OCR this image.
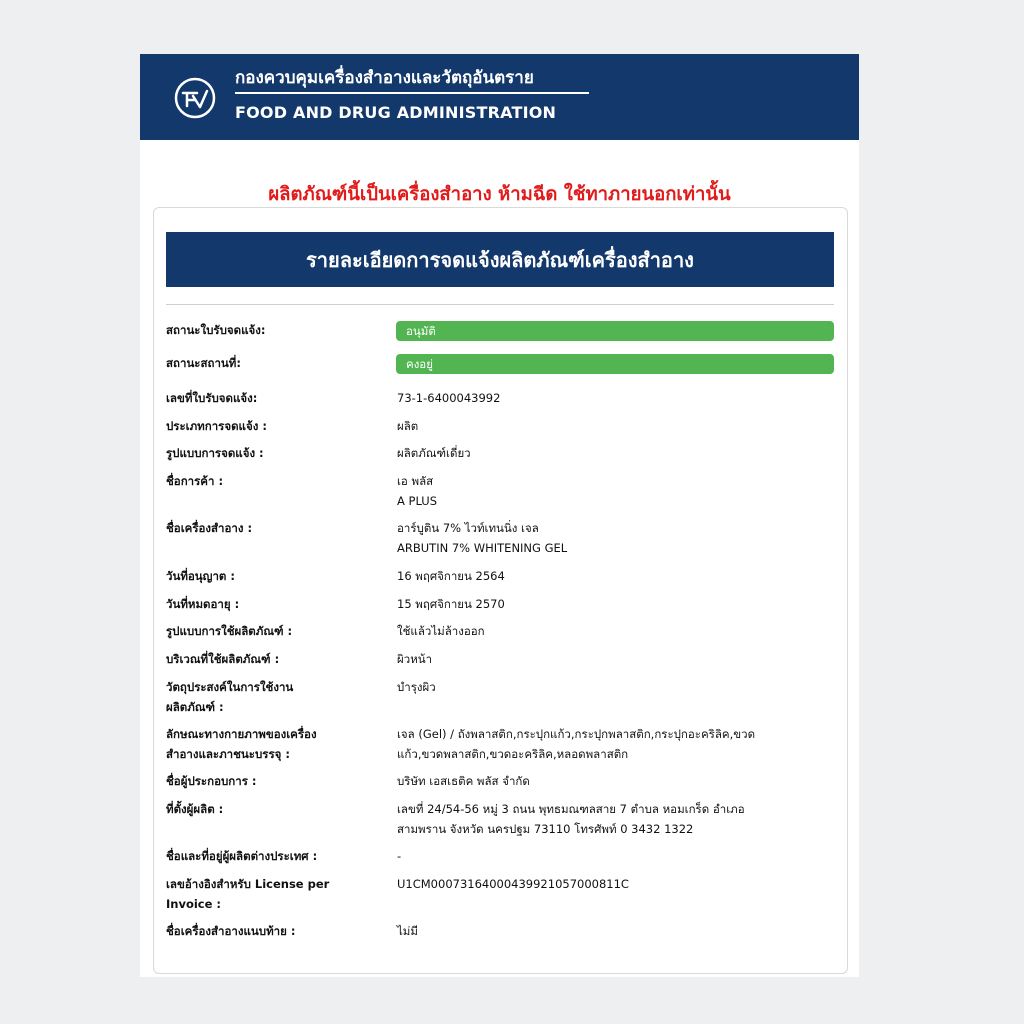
กองควบคุมเครื่องสำอางและวัตถุอันตราย
FOOD AND DRUG ADMINISTRATION
ผลิตภัณฑ์นี้เป็นเครื่องสำอาง ห้ามฉีด ใช้ทาภายนอกเท่านั้น
รายละเอียดการจดแจ้งผลิตภัณฑ์เครื่องสำอาง
สถานะใบรับจดแจ้ง:	อนุมัติ
สถานะสถานที่:	คงอยู่
เลขที่ใบรับจดแจ้ง:	73-1-6400043992
ประเภทการจดแจ้ง :	ผลิต
รูปแบบการจดแจ้ง :	ผลิตภัณฑ์เดี่ยว
ชื่อการค้า :	เอ พลัส
A PLUS
ชื่อเครื่องสำอาง :	อาร์บูติน 7% ไวท์เทนนิ่ง เจล
ARBUTIN 7% WHITENING GEL
วันที่อนุญาต :	16 พฤศจิกายน 2564
วันที่หมดอายุ :	15 พฤศจิกายน 2570
รูปแบบการใช้ผลิตภัณฑ์ :	ใช้แล้วไม่ล้างออก
บริเวณที่ใช้ผลิตภัณฑ์ :	ผิวหน้า
วัตถุประสงค์ในการใช้งาน
ผลิตภัณฑ์ :
บำรุงผิว
ลักษณะทางกายภาพของเครื่อง
สำอางและภาชนะบรรจุ :
เจล (Gel) / ถังพลาสติก,กระปุกแก้ว,กระปุกพลาสติก,กระปุกอะคริลิค,ขวด
แก้ว,ขวดพลาสติก,ขวดอะคริลิค,หลอดพลาสติก
ชื่อผู้ประกอบการ :	บริษัท เอสเธติค พลัส จำกัด
ที่ตั้งผู้ผลิต :	เลขที่ 24/54-56 หมู่ 3 ถนน พุทธมณฑลสาย 7 ตำบล หอมเกร็ด อำเภอ
สามพราน จังหวัด นครปฐม 73110 โทรศัพท์ 0 3432 1322
ชื่อและที่อยู่ผู้ผลิตต่างประเทศ :	-
เลขอ้างอิงสำหรับ License per
Invoice :
U1CM00073164000439921057000811C
ชื่อเครื่องสำอางแนบท้าย :	ไม่มี
